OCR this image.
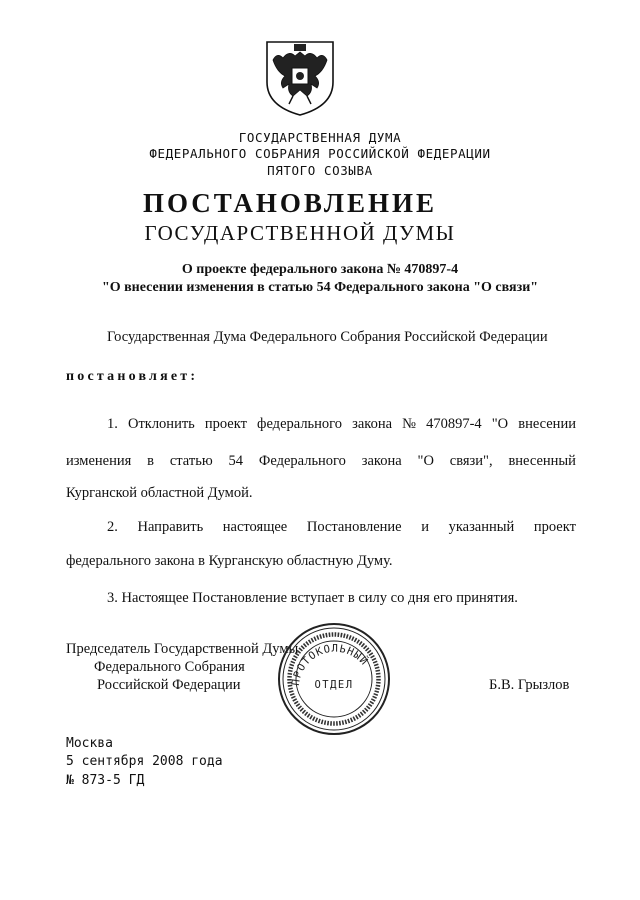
ГОСУДАРСТВЕННАЯ ДУМА
ФЕДЕРАЛЬНОГО СОБРАНИЯ РОССИЙСКОЙ ФЕДЕРАЦИИ
ПЯТОГО СОЗЫВА
ПОСТАНОВЛЕНИЕ
ГОСУДАРСТВЕННОЙ ДУМЫ
О проекте федерального закона № 470897-4
"О внесении изменения в статью 54 Федерального закона "О связи"
Государственная Дума Федерального Собрания Российской Федерации
постановляет:
1. Отклонить проект федерального закона № 470897-4 "О внесении
изменения в статью 54 Федерального закона "О связи", внесенный
Курганской областной Думой.
2. Направить настоящее Постановление и указанный проект
федерального закона в Курганскую областную Думу.
3. Настоящее Постановление вступает в силу со дня его принятия.
Председатель Государственной Думы
Федерального Собрания
Российской Федерации	Б.В. Грызлов
ПРОТОКОЛЬНЫЙ
ОТДЕЛ
Москва
5 сентября 2008 года
№ 873-5 ГД
